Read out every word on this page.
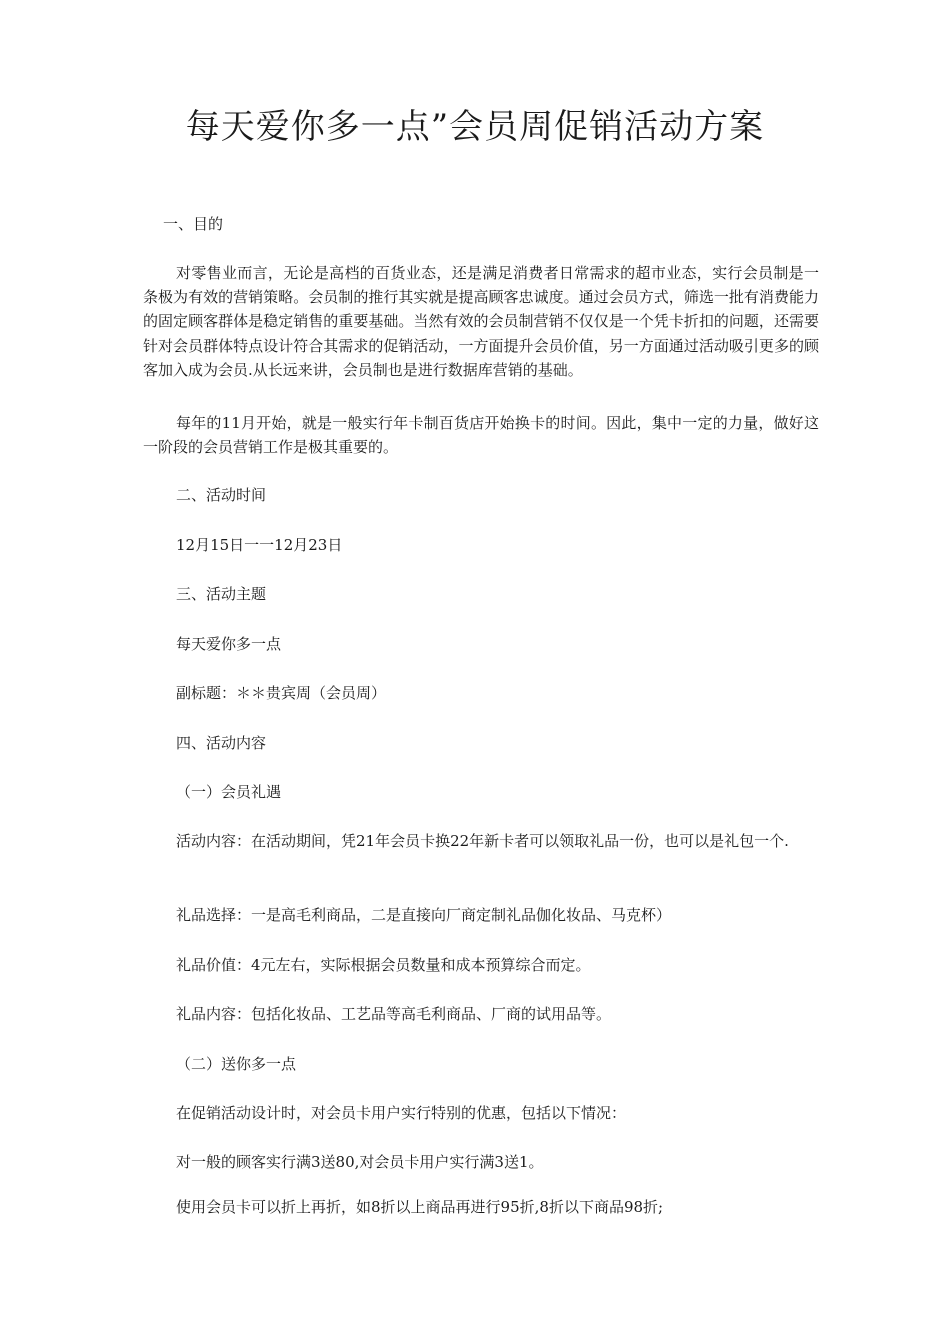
每天爱你多一点”会员周促销活动方案
一、目的
对零售业而言，无论是高档的百货业态，还是满足消费者日常需求的超市业态，实行会员制是一条极为有效的营销策略。会员制的推行其实就是提高顾客忠诚度。通过会员方式，筛选一批有消费能力的固定顾客群体是稳定销售的重要基础。当然有效的会员制营销不仅仅是一个凭卡折扣的问题，还需要针对会员群体特点设计符合其需求的促销活动，一方面提升会员价值，另一方面通过活动吸引更多的顾客加入成为会员.从长远来讲，会员制也是进行数据库营销的基础。
每年的11月开始，就是一般实行年卡制百货店开始换卡的时间。因此，集中一定的力量，做好这一阶段的会员营销工作是极其重要的。
二、活动时间
12月15日一一12月23日
三、活动主题
每天爱你多一点
副标题：＊＊贵宾周（会员周）
四、活动内容
（一）会员礼遇
活动内容：在活动期间，凭21年会员卡换22年新卡者可以领取礼品一份，也可以是礼包一个.
礼品选择：一是高毛利商品，二是直接向厂商定制礼品伽化妆品、马克杯）
礼品价值：4元左右，实际根据会员数量和成本预算综合而定。
礼品内容：包括化妆品、工艺品等高毛利商品、厂商的试用品等。
（二）送你多一点
在促销活动设计时，对会员卡用户实行特别的优惠，包括以下情况：
对一般的顾客实行满3送80,对会员卡用户实行满3送1。
使用会员卡可以折上再折，如8折以上商品再进行95折,8折以下商品98折;
